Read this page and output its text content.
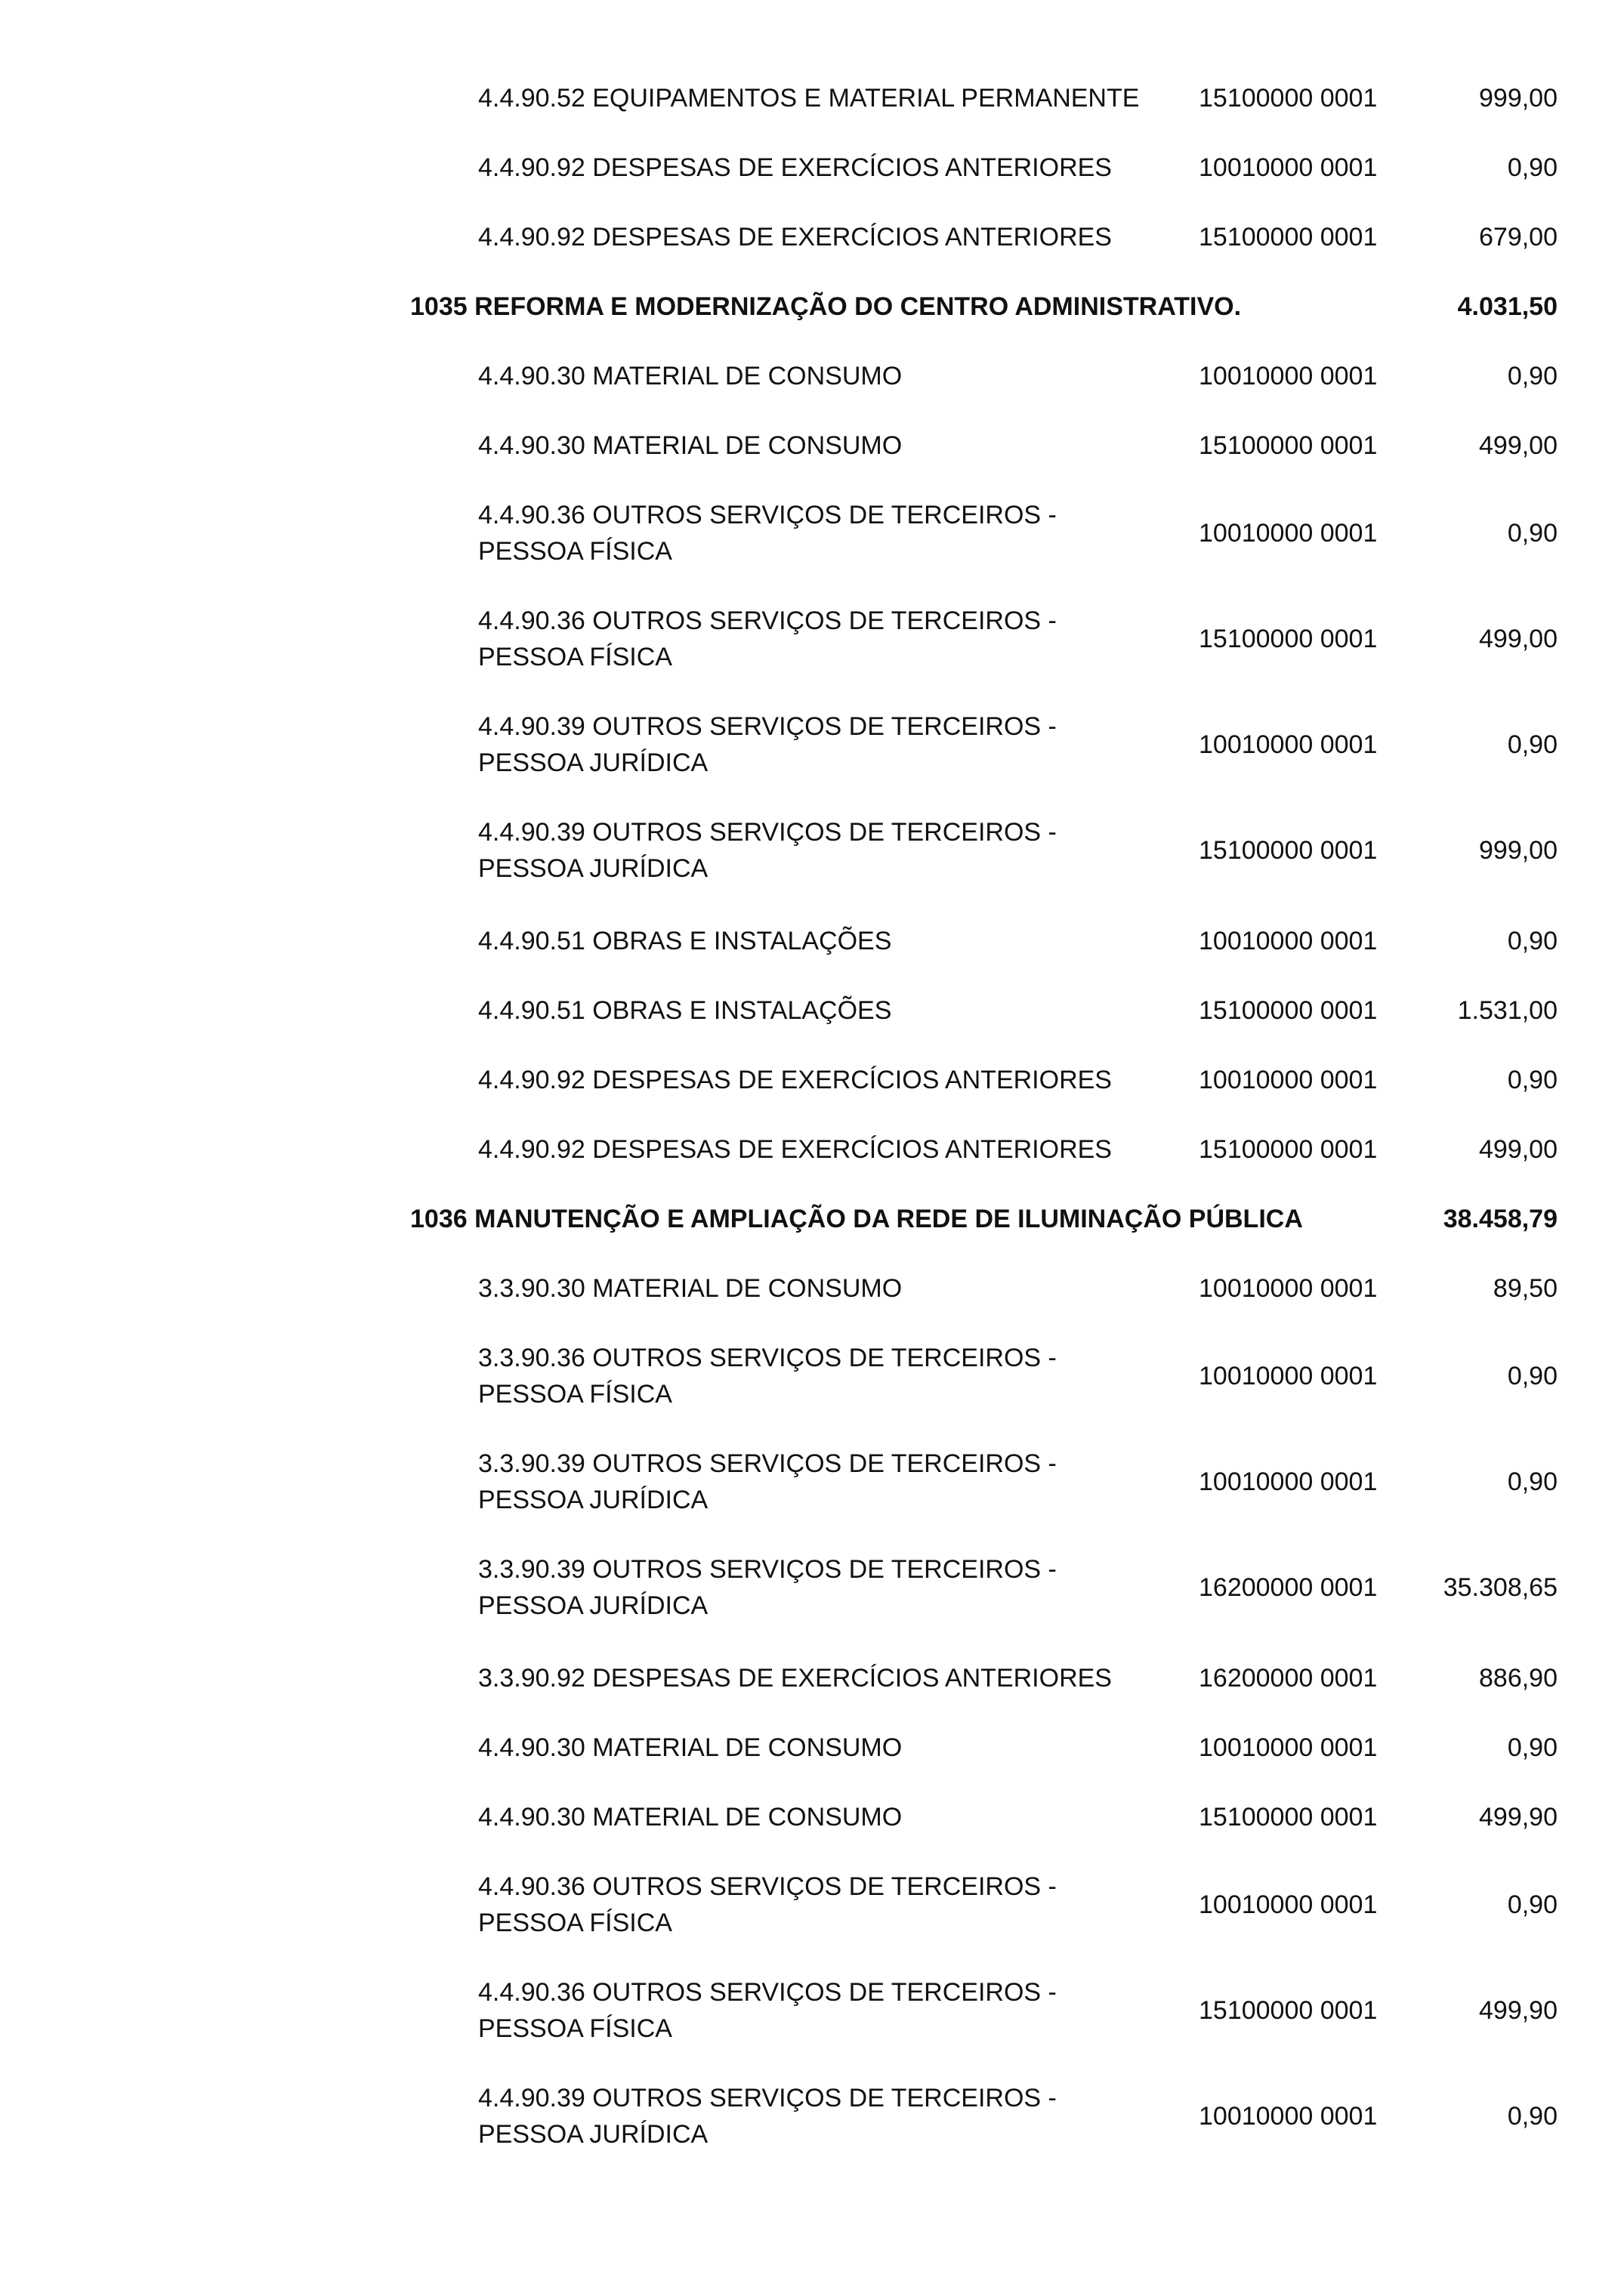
4.4.90.52 EQUIPAMENTOS E MATERIAL PERMANENTE	15100000 0001	999,00
4.4.90.92 DESPESAS DE EXERCÍCIOS ANTERIORES	10010000 0001	0,90
4.4.90.92 DESPESAS DE EXERCÍCIOS ANTERIORES	15100000 0001	679,00
1035 REFORMA E MODERNIZAÇÃO DO CENTRO ADMINISTRATIVO.	4.031,50
4.4.90.30 MATERIAL DE CONSUMO	10010000 0001	0,90
4.4.90.30 MATERIAL DE CONSUMO	15100000 0001	499,00
4.4.90.36 OUTROS SERVIÇOS DE TERCEIROS -
PESSOA FÍSICA
10010000 0001	0,90
4.4.90.36 OUTROS SERVIÇOS DE TERCEIROS -
PESSOA FÍSICA
15100000 0001	499,00
4.4.90.39 OUTROS SERVIÇOS DE TERCEIROS -
PESSOA JURÍDICA
10010000 0001	0,90
4.4.90.39 OUTROS SERVIÇOS DE TERCEIROS -
PESSOA JURÍDICA
15100000 0001	999,00
4.4.90.51 OBRAS E INSTALAÇÕES	10010000 0001	0,90
4.4.90.51 OBRAS E INSTALAÇÕES	15100000 0001	1.531,00
4.4.90.92 DESPESAS DE EXERCÍCIOS ANTERIORES	10010000 0001	0,90
4.4.90.92 DESPESAS DE EXERCÍCIOS ANTERIORES	15100000 0001	499,00
1036 MANUTENÇÃO E AMPLIAÇÃO DA REDE DE ILUMINAÇÃO PÚBLICA	38.458,79
3.3.90.30 MATERIAL DE CONSUMO	10010000 0001	89,50
3.3.90.36 OUTROS SERVIÇOS DE TERCEIROS -
PESSOA FÍSICA
10010000 0001	0,90
3.3.90.39 OUTROS SERVIÇOS DE TERCEIROS -
PESSOA JURÍDICA
10010000 0001	0,90
3.3.90.39 OUTROS SERVIÇOS DE TERCEIROS -
PESSOA JURÍDICA
16200000 0001	35.308,65
3.3.90.92 DESPESAS DE EXERCÍCIOS ANTERIORES	16200000 0001	886,90
4.4.90.30 MATERIAL DE CONSUMO	10010000 0001	0,90
4.4.90.30 MATERIAL DE CONSUMO	15100000 0001	499,90
4.4.90.36 OUTROS SERVIÇOS DE TERCEIROS -
PESSOA FÍSICA
10010000 0001	0,90
4.4.90.36 OUTROS SERVIÇOS DE TERCEIROS -
PESSOA FÍSICA
15100000 0001	499,90
4.4.90.39 OUTROS SERVIÇOS DE TERCEIROS -
PESSOA JURÍDICA
10010000 0001	0,90
